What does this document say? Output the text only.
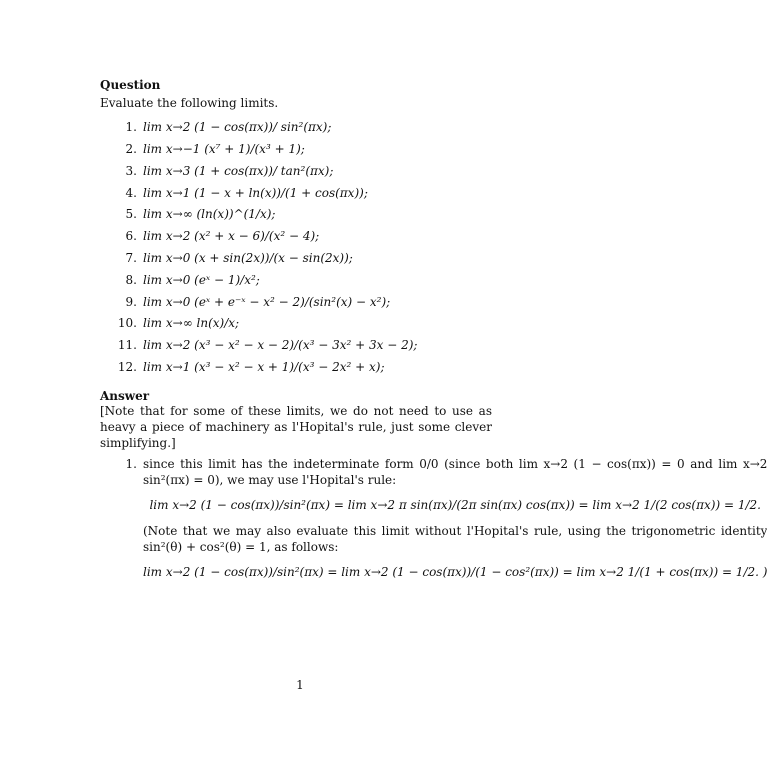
Question

Evaluate the following limits.

1. lim x→2 (1 − cos(πx))/ sin²(πx);
2. lim x→−1 (x⁷ + 1)/(x³ + 1);
3. lim x→3 (1 + cos(πx))/ tan²(πx);
4. lim x→1 (1 − x + ln(x))/(1 + cos(πx));
5. lim x→∞ (ln(x))^(1/x);
6. lim x→2 (x² + x − 6)/(x² − 4);
7. lim x→0 (x + sin(2x))/(x − sin(2x));
8. lim x→0 (eˣ − 1)/x²;
9. lim x→0 (eˣ + e⁻ˣ − x² − 2)/(sin²(x) − x²);
10. lim x→∞ ln(x)/x;
11. lim x→2 (x³ − x² − x − 2)/(x³ − 3x² + 3x − 2);
12. lim x→1 (x³ − x² − x + 1)/(x³ − 2x² + x);

Answer

[Note that for some of these limits, we do not need to use as heavy a piece of machinery as l'Hopital's rule, just some clever simplifying.]

1. since this limit has the indeterminate form 0/0 (since both lim x→2 (1 − cos(πx)) = 0 and lim x→2 sin²(πx) = 0), we may use l'Hopital's rule:
lim x→2 (1 − cos(πx))/sin²(πx) = lim x→2 π sin(πx)/(2π sin(πx) cos(πx)) = lim x→2 1/(2 cos(πx)) = 1/2.
(Note that we may also evaluate this limit without l'Hopital's rule, using the trigonometric identity sin²(θ) + cos²(θ) = 1, as follows:
lim x→2 (1 − cos(πx))/sin²(πx) = lim x→2 (1 − cos(πx))/(1 − cos²(πx)) = lim x→2 1/(1 + cos(πx)) = 1/2. )
1
